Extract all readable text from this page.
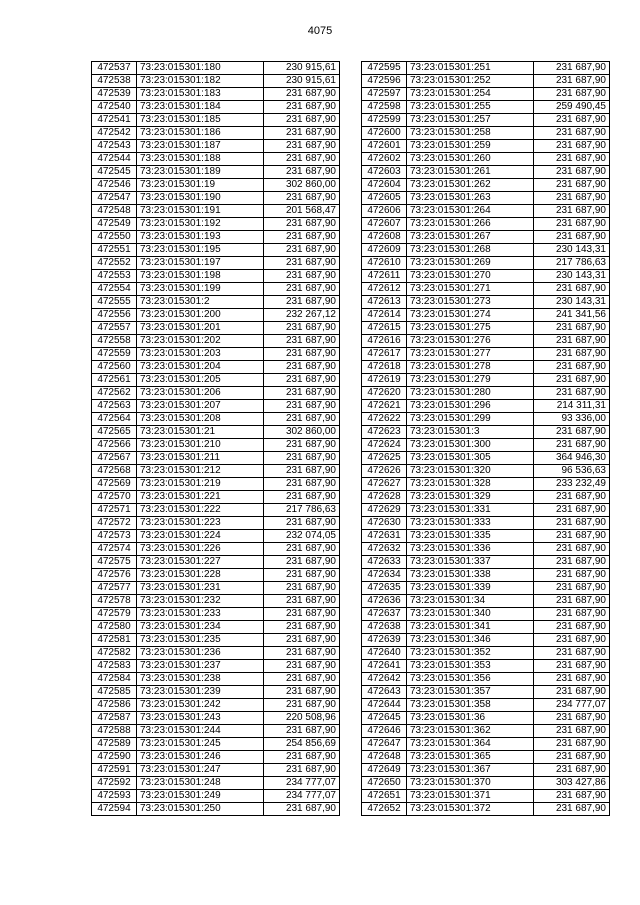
4075
472537	73:23:015301:180	230 915,61
472538	73:23:015301:182	230 915,61
472539	73:23:015301:183	231 687,90
472540	73:23:015301:184	231 687,90
472541	73:23:015301:185	231 687,90
472542	73:23:015301:186	231 687,90
472543	73:23:015301:187	231 687,90
472544	73:23:015301:188	231 687,90
472545	73:23:015301:189	231 687,90
472546	73:23:015301:19	302 860,00
472547	73:23:015301:190	231 687,90
472548	73:23:015301:191	201 568,47
472549	73:23:015301:192	231 687,90
472550	73:23:015301:193	231 687,90
472551	73:23:015301:195	231 687,90
472552	73:23:015301:197	231 687,90
472553	73:23:015301:198	231 687,90
472554	73:23:015301:199	231 687,90
472555	73:23:015301:2	231 687,90
472556	73:23:015301:200	232 267,12
472557	73:23:015301:201	231 687,90
472558	73:23:015301:202	231 687,90
472559	73:23:015301:203	231 687,90
472560	73:23:015301:204	231 687,90
472561	73:23:015301:205	231 687,90
472562	73:23:015301:206	231 687,90
472563	73:23:015301:207	231 687,90
472564	73:23:015301:208	231 687,90
472565	73:23:015301:21	302 860,00
472566	73:23:015301:210	231 687,90
472567	73:23:015301:211	231 687,90
472568	73:23:015301:212	231 687,90
472569	73:23:015301:219	231 687,90
472570	73:23:015301:221	231 687,90
472571	73:23:015301:222	217 786,63
472572	73:23:015301:223	231 687,90
472573	73:23:015301:224	232 074,05
472574	73:23:015301:226	231 687,90
472575	73:23:015301:227	231 687,90
472576	73:23:015301:228	231 687,90
472577	73:23:015301:231	231 687,90
472578	73:23:015301:232	231 687,90
472579	73:23:015301:233	231 687,90
472580	73:23:015301:234	231 687,90
472581	73:23:015301:235	231 687,90
472582	73:23:015301:236	231 687,90
472583	73:23:015301:237	231 687,90
472584	73:23:015301:238	231 687,90
472585	73:23:015301:239	231 687,90
472586	73:23:015301:242	231 687,90
472587	73:23:015301:243	220 508,96
472588	73:23:015301:244	231 687,90
472589	73:23:015301:245	254 856,69
472590	73:23:015301:246	231 687,90
472591	73:23:015301:247	231 687,90
472592	73:23:015301:248	234 777,07
472593	73:23:015301:249	234 777,07
472594	73:23:015301:250	231 687,90
472595	73:23:015301:251	231 687,90
472596	73:23:015301:252	231 687,90
472597	73:23:015301:254	231 687,90
472598	73:23:015301:255	259 490,45
472599	73:23:015301:257	231 687,90
472600	73:23:015301:258	231 687,90
472601	73:23:015301:259	231 687,90
472602	73:23:015301:260	231 687,90
472603	73:23:015301:261	231 687,90
472604	73:23:015301:262	231 687,90
472605	73:23:015301:263	231 687,90
472606	73:23:015301:264	231 687,90
472607	73:23:015301:266	231 687,90
472608	73:23:015301:267	231 687,90
472609	73:23:015301:268	230 143,31
472610	73:23:015301:269	217 786,63
472611	73:23:015301:270	230 143,31
472612	73:23:015301:271	231 687,90
472613	73:23:015301:273	230 143,31
472614	73:23:015301:274	241 341,56
472615	73:23:015301:275	231 687,90
472616	73:23:015301:276	231 687,90
472617	73:23:015301:277	231 687,90
472618	73:23:015301:278	231 687,90
472619	73:23:015301:279	231 687,90
472620	73:23:015301:280	231 687,90
472621	73:23:015301:296	214 311,31
472622	73:23:015301:299	93 336,00
472623	73:23:015301:3	231 687,90
472624	73:23:015301:300	231 687,90
472625	73:23:015301:305	364 946,30
472626	73:23:015301:320	96 536,63
472627	73:23:015301:328	233 232,49
472628	73:23:015301:329	231 687,90
472629	73:23:015301:331	231 687,90
472630	73:23:015301:333	231 687,90
472631	73:23:015301:335	231 687,90
472632	73:23:015301:336	231 687,90
472633	73:23:015301:337	231 687,90
472634	73:23:015301:338	231 687,90
472635	73:23:015301:339	231 687,90
472636	73:23:015301:34	231 687,90
472637	73:23:015301:340	231 687,90
472638	73:23:015301:341	231 687,90
472639	73:23:015301:346	231 687,90
472640	73:23:015301:352	231 687,90
472641	73:23:015301:353	231 687,90
472642	73:23:015301:356	231 687,90
472643	73:23:015301:357	231 687,90
472644	73:23:015301:358	234 777,07
472645	73:23:015301:36	231 687,90
472646	73:23:015301:362	231 687,90
472647	73:23:015301:364	231 687,90
472648	73:23:015301:365	231 687,90
472649	73:23:015301:367	231 687,90
472650	73:23:015301:370	303 427,86
472651	73:23:015301:371	231 687,90
472652	73:23:015301:372	231 687,90
